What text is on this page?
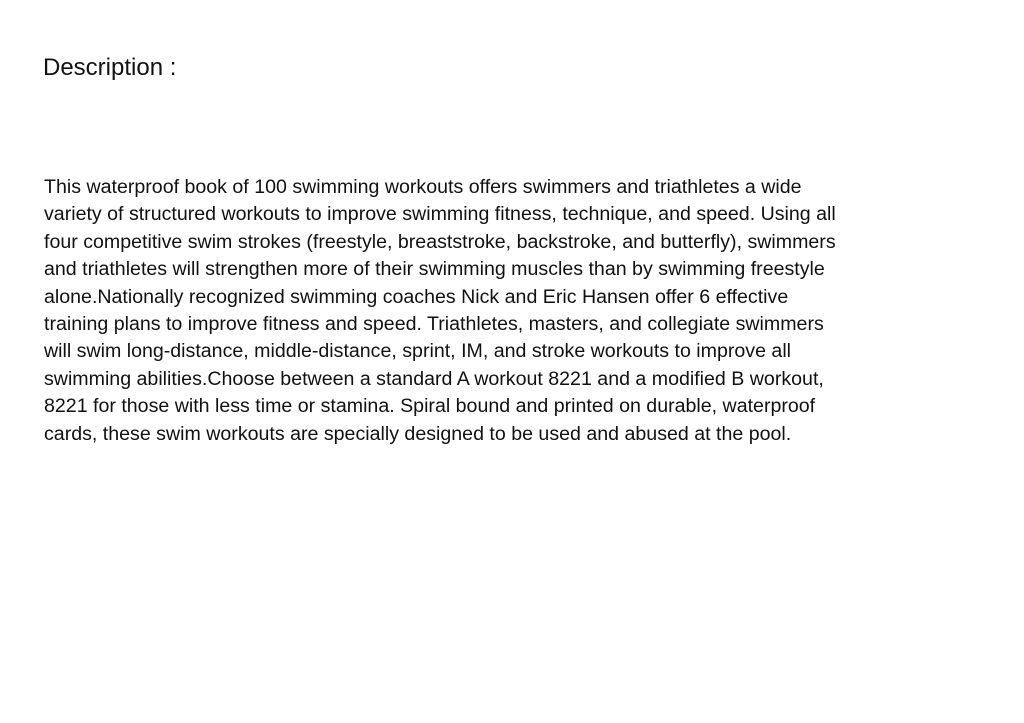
Description :

This waterproof book of 100 swimming workouts offers swimmers and triathletes a wide
variety of structured workouts to improve swimming fitness, technique, and speed. Using all
four competitive swim strokes (freestyle, breaststroke, backstroke, and butterfly), swimmers
and triathletes will strengthen more of their swimming muscles than by swimming freestyle
alone.Nationally recognized swimming coaches Nick and Eric Hansen offer 6 effective
training plans to improve fitness and speed. Triathletes, masters, and collegiate swimmers
will swim long-distance, middle-distance, sprint, IM, and stroke workouts to improve all
swimming abilities.Choose between a standard A workout 8221 and a modified B workout,
8221 for those with less time or stamina. Spiral bound and printed on durable, waterproof
cards, these swim workouts are specially designed to be used and abused at the pool.
